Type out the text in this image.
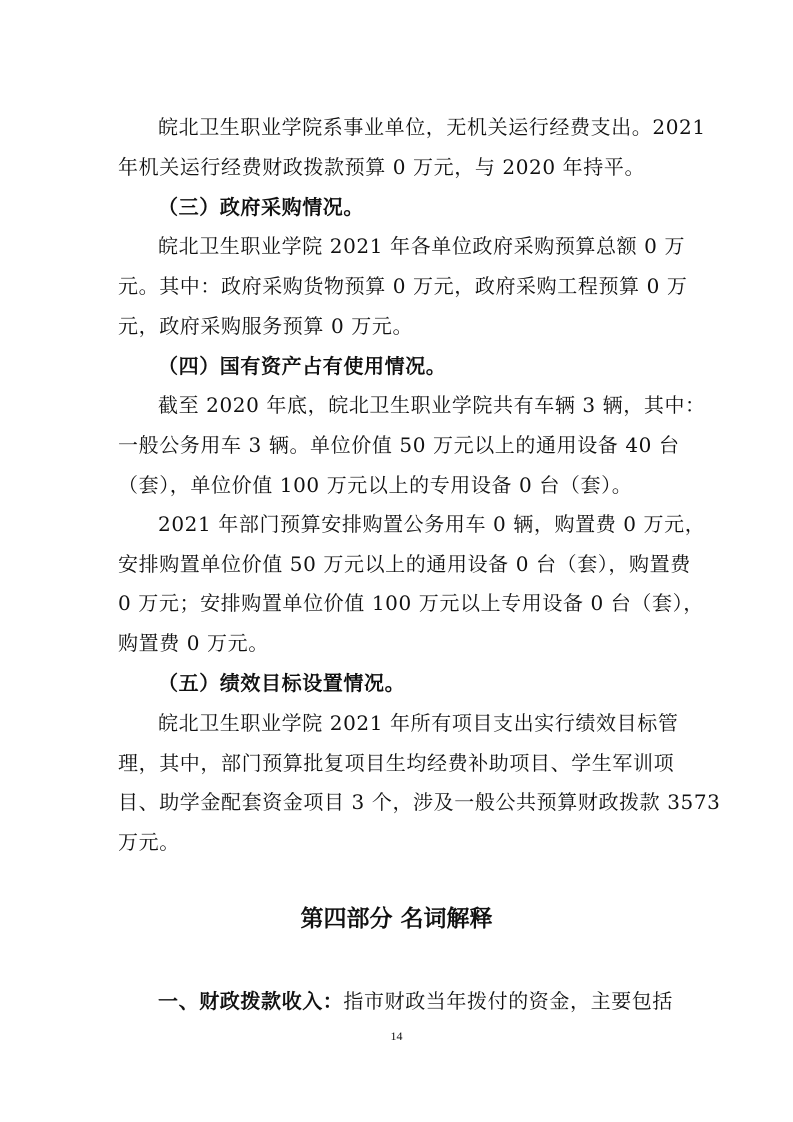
皖北卫生职业学院系事业单位，无机关运行经费支出。2021

年机关运行经费财政拨款预算 0 万元，与 2020 年持平。

（三）政府采购情况。

皖北卫生职业学院 2021 年各单位政府采购预算总额 0 万

元。其中：政府采购货物预算 0 万元，政府采购工程预算 0 万

元，政府采购服务预算 0 万元。

（四）国有资产占有使用情况。

截至 2020 年底，皖北卫生职业学院共有车辆 3 辆，其中：

一般公务用车 3 辆。单位价值 50 万元以上的通用设备 40 台

（套），单位价值 100 万元以上的专用设备 0 台（套）。

2021 年部门预算安排购置公务用车 0 辆，购置费 0 万元，

安排购置单位价值 50 万元以上的通用设备 0 台（套），购置费

0 万元；安排购置单位价值 100 万元以上专用设备 0 台（套），

购置费 0 万元。

（五）绩效目标设置情况。

皖北卫生职业学院 2021 年所有项目支出实行绩效目标管

理，其中，部门预算批复项目生均经费补助项目、学生军训项

目、助学金配套资金项目 3 个，涉及一般公共预算财政拨款 3573

万元。

第四部分 名词解释

一、财政拨款收入：指市财政当年拨付的资金，主要包括

14
